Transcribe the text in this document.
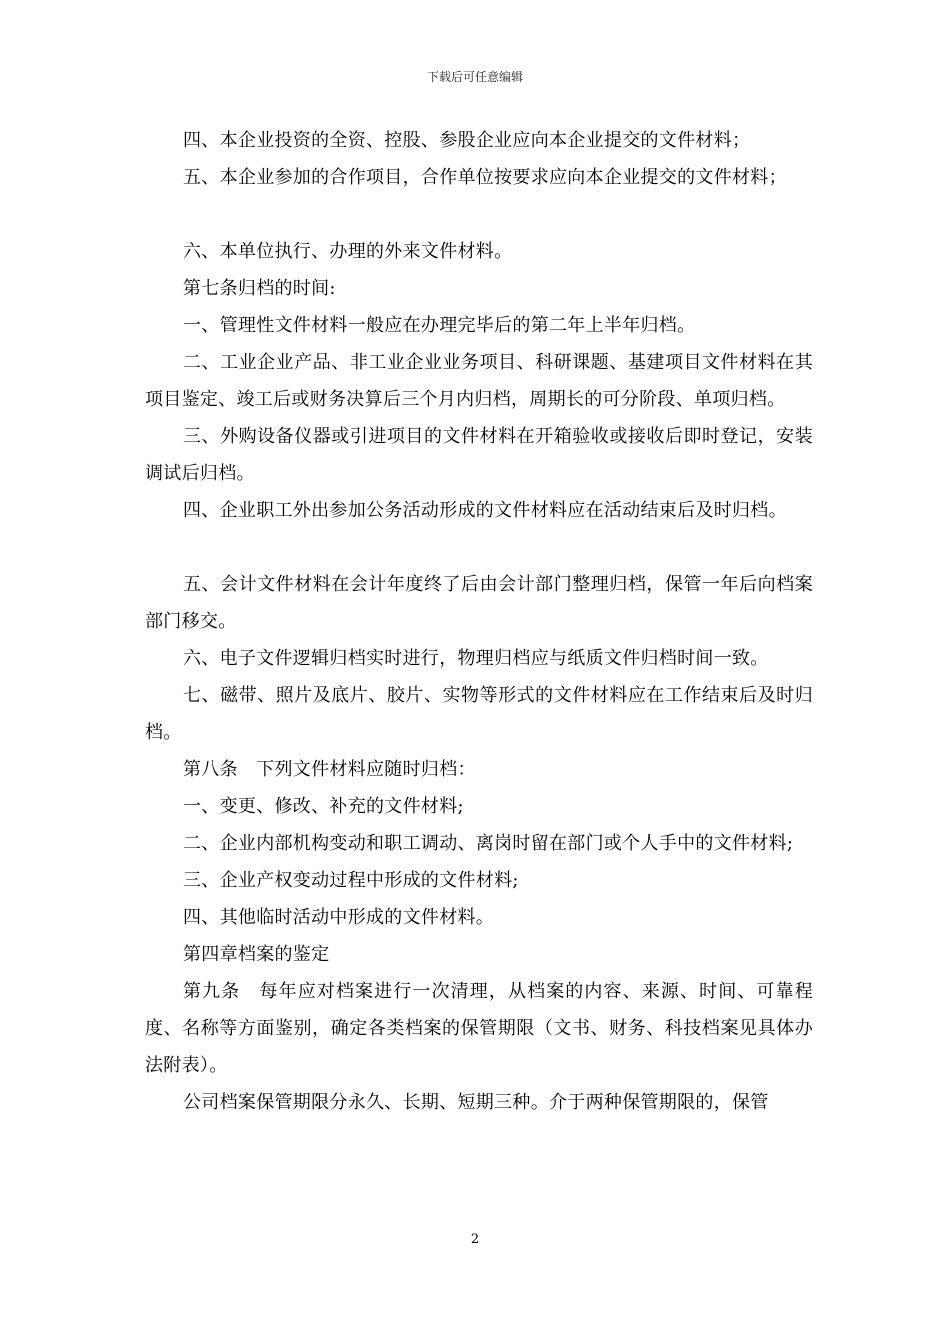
下载后可任意编辑

四、本企业投资的全资、控股、参股企业应向本企业提交的文件材料；

五、本企业参加的合作项目，合作单位按要求应向本企业提交的文件材料；

六、本单位执行、办理的外来文件材料。

第七条归档的时间:

一、管理性文件材料一般应在办理完毕后的第二年上半年归档。

二、工业企业产品、非工业企业业务项目、科研课题、基建项目文件材料在其项目鉴定、竣工后或财务决算后三个月内归档，周期长的可分阶段、单项归档。

三、外购设备仪器或引进项目的文件材料在开箱验收或接收后即时登记，安装调试后归档。

四、企业职工外出参加公务活动形成的文件材料应在活动结束后及时归档。

五、会计文件材料在会计年度终了后由会计部门整理归档，保管一年后向档案部门移交。

六、电子文件逻辑归档实时进行，物理归档应与纸质文件归档时间一致。

七、磁带、照片及底片、胶片、实物等形式的文件材料应在工作结束后及时归档。

第八条　下列文件材料应随时归档：

一、变更、修改、补充的文件材料;

二、企业内部机构变动和职工调动、离岗时留在部门或个人手中的文件材料;

三、企业产权变动过程中形成的文件材料;

四、其他临时活动中形成的文件材料。

第四章档案的鉴定

第九条　每年应对档案进行一次清理，从档案的内容、来源、时间、可靠程度、名称等方面鉴别，确定各类档案的保管期限（文书、财务、科技档案见具体办法附表）。

公司档案保管期限分永久、长期、短期三种。介于两种保管期限的，保管

2
